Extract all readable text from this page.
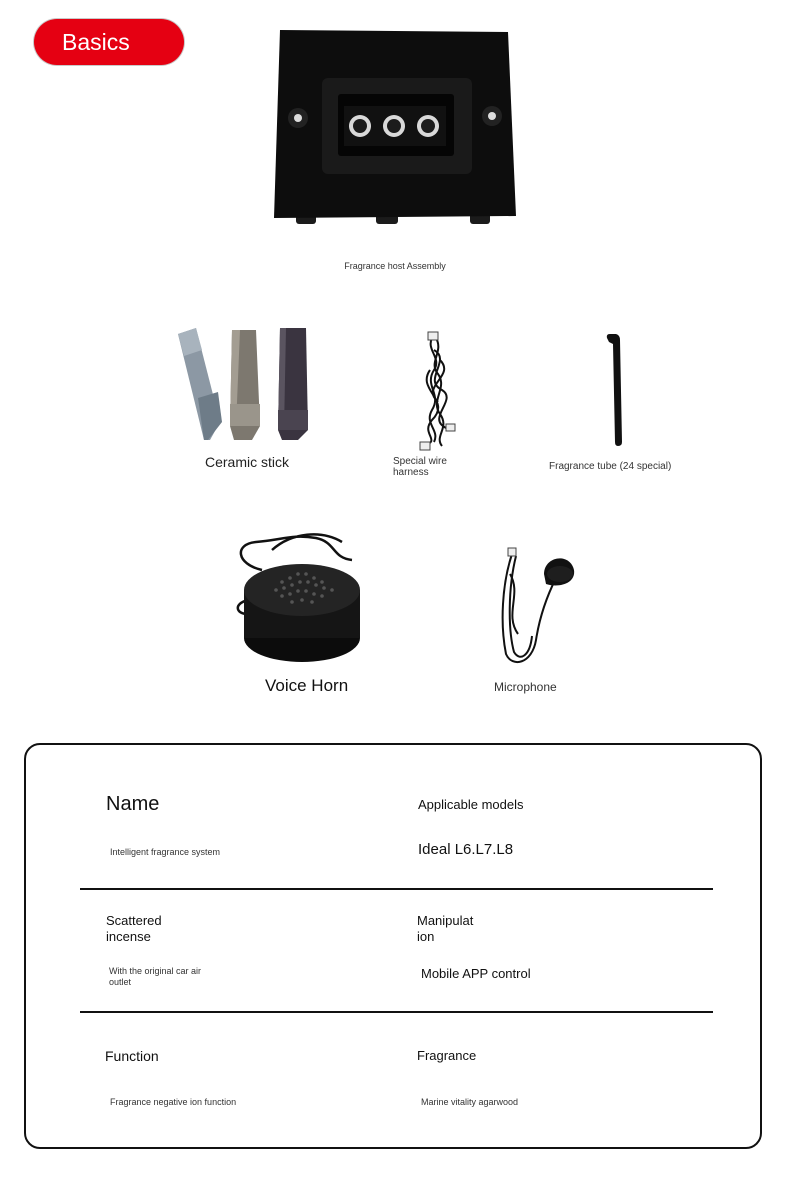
Basics
Fragrance host Assembly
Ceramic stick	Special wire
harness
Fragrance tube (24 special)
Voice Horn	Microphone
Name
Intelligent fragrance system
Applicable models
Ideal L6.L7.L8
Scattered
incense
With the original car air
outlet
Manipulat
ion
Mobile APP control
Function
Fragrance negative ion function
Fragrance
Marine vitality agarwood
